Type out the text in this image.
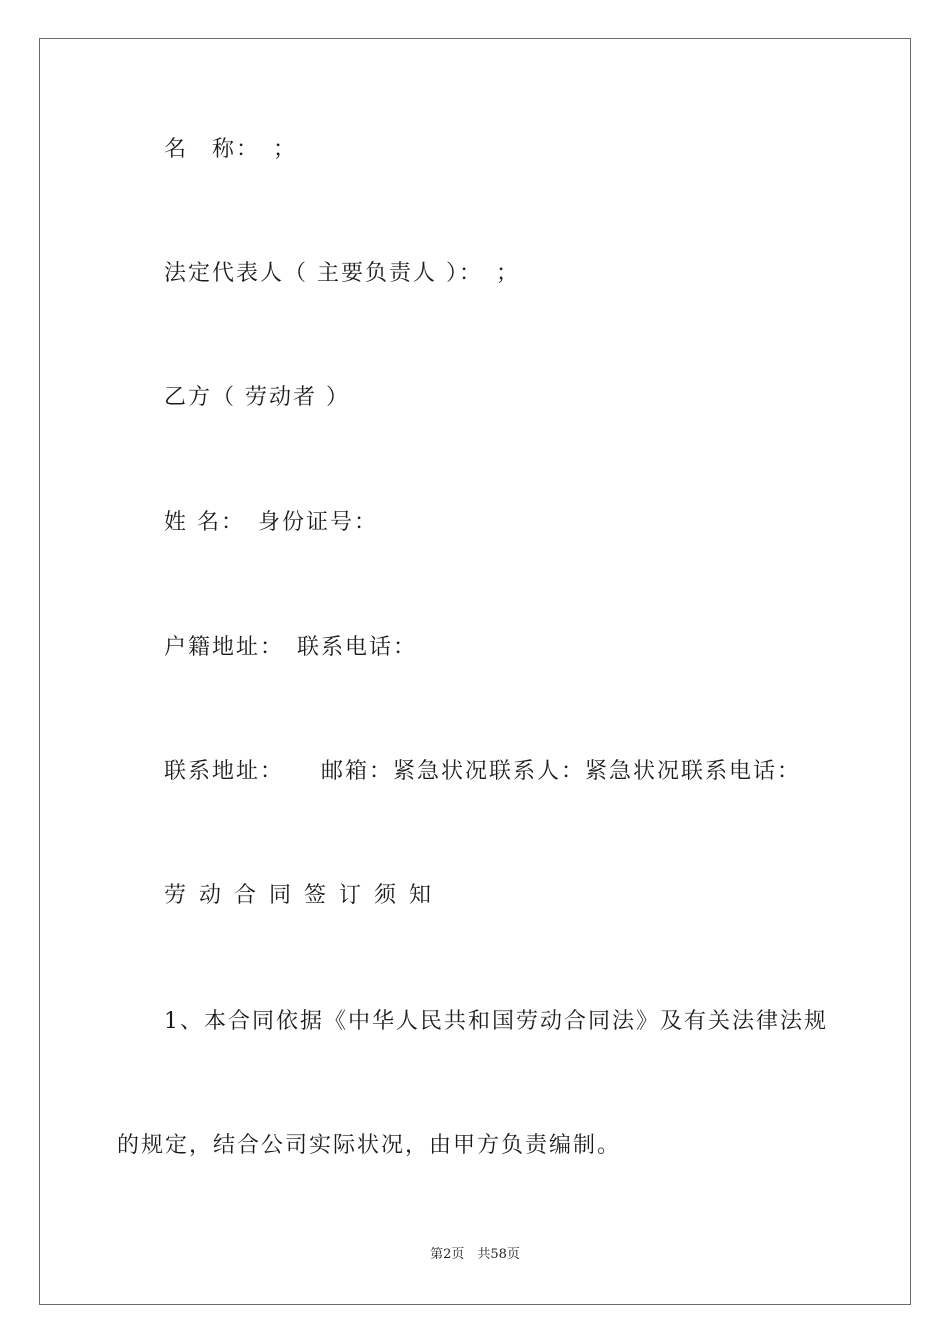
名　称：　；
法定代表人（ 主要负责人 ）：　；
乙方（ 劳动者 ）
姓 名：　身份证号：
户籍地址：　联系电话：
联系地址：　　邮箱：紧急状况联系人：紧急状况联系电话：
劳动合同签订须知
1、本合同依据《中华人民共和国劳动合同法》及有关法律法规
的规定，结合公司实际状况，由甲方负责编制。
第2页　共58页
